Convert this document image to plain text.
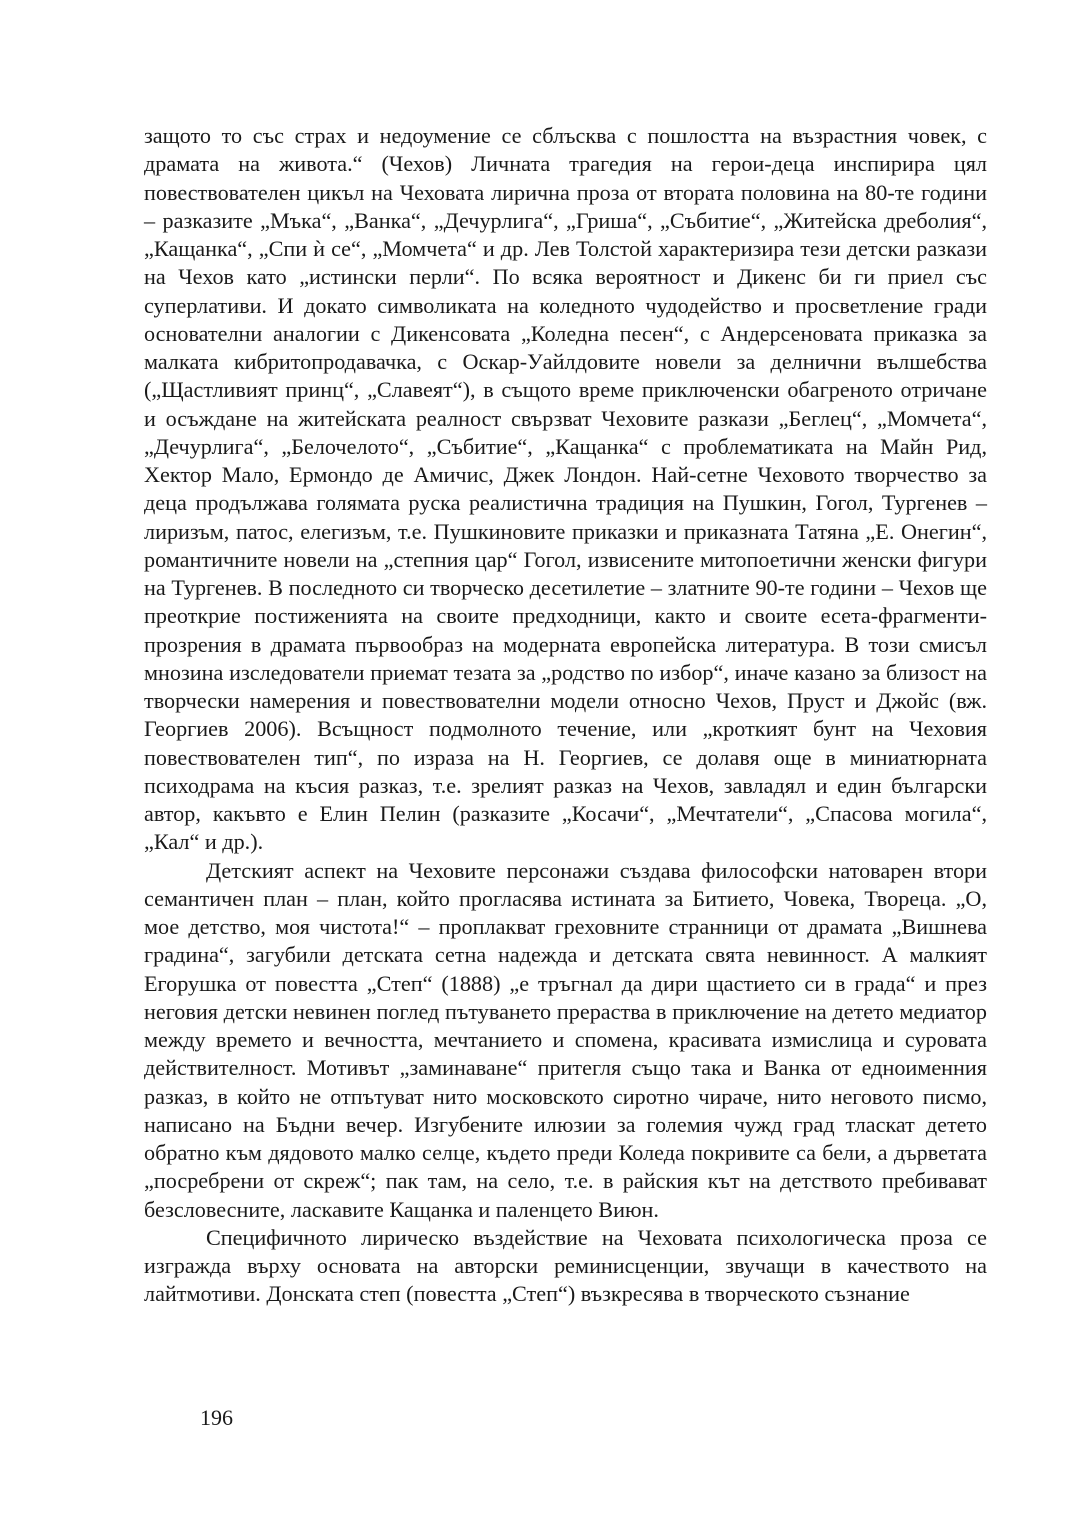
защото то със страх и недоумение се сблъсква с пошлостта на възрастния човек, с драмата на живота.“ (Чехов) Личната трагедия на герои-деца инспирира цял повествователен цикъл на Чеховата лирична проза от втората половина на 80-те години – разказите „Мъка“, „Ванка“, „Дечурлига“, „Гриша“, „Събитие“, „Житейска дреболия“, „Кащанка“, „Спи ѝ се“, „Момчета“ и др. Лев Толстой характеризира тези детски разкази на Чехов като „истински перли“. По всяка вероятност и Дикенс би ги приел със суперлативи. И докато символиката на коледното чудодейство и просветление гради основателни аналогии с Дикенсовата „Коледна песен“, с Андерсеновата приказка за малката кибритопродавачка, с Оскар-Уайлдовите новели за делнични вълшебства („Щастливият принц“, „Славеят“), в същото време приключенски обагреното отричане и осъждане на житейската реалност свързват Чеховите разкази „Беглец“, „Момчета“, „Дечурлига“, „Белочелото“, „Събитие“, „Кащанка“ с проблематиката на Майн Рид, Хектор Мало, Ермондо де Амичис, Джек Лондон. Най-сетне Чеховото творчество за деца продължава голямата руска реалистична традиция на Пушкин, Гогол, Тургенев – лиризъм, патос, елегизъм, т.е. Пушкиновите приказки и приказната Татяна „Е. Онегин“, романтичните новели на „степния цар“ Гогол, извисените митопоетични женски фигури на Тургенев. В последното си творческо десетилетие – златните 90-те години – Чехов ще преоткрие постиженията на своите предходници, както и своите есета-фрагменти-прозрения в драмата първообраз на модерната европейска литература. В този смисъл мнозина изследователи приемат тезата за „родство по избор“, иначе казано за близост на творчески намерения и повествователни модели относно Чехов, Пруст и Джойс (вж. Георгиев 2006). Всъщност подмолното течение, или „кроткият бунт на Чеховия повествователен тип“, по израза на Н. Георгиев, се долавя още в миниатюрната психодрама на късия разказ, т.е. зрелият разказ на Чехов, завладял и един български автор, какъвто е Елин Пелин (разказите „Косачи“, „Мечтатели“, „Спасова могила“, „Кал“ и др.).

Детският аспект на Чеховите персонажи създава философски натоварен втори семантичен план – план, който прогласява истината за Битието, Човека, Твореца. „О, мое детство, моя чистота!“ – проплакват греховните странници от драмата „Вишнева градина“, загубили детската сетна надежда и детската свята невинност. А малкият Егорушка от повестта „Степ“ (1888) „е тръгнал да дири щастието си в града“ и през неговия детски невинен поглед пътуването прераства в приключение на детето медиатор между времето и вечността, мечтанието и спомена, красивата измислица и суровата действителност. Мотивът „заминаване“ притегля също така и Ванка от едноименния разказ, в който не отпътуват нито московското сиротно чираче, нито неговото писмо, написано на Бъдни вечер. Изгубените илюзии за големия чужд град тласкат детето обратно към дядовото малко селце, където преди Коледа покривите са бели, а дърветата „посребрени от скреж“; пак там, на село, т.е. в райския кът на детството пребивават безсловесните, ласкавите Кащанка и паленцето Виюн.

Специфичното лирическо въздействие на Чеховата психологическа проза се изгражда върху основата на авторски реминисценции, звучащи в качеството на лайтмотиви. Донската степ (повестта „Степ“) възкресява в творческото съзнание

196
